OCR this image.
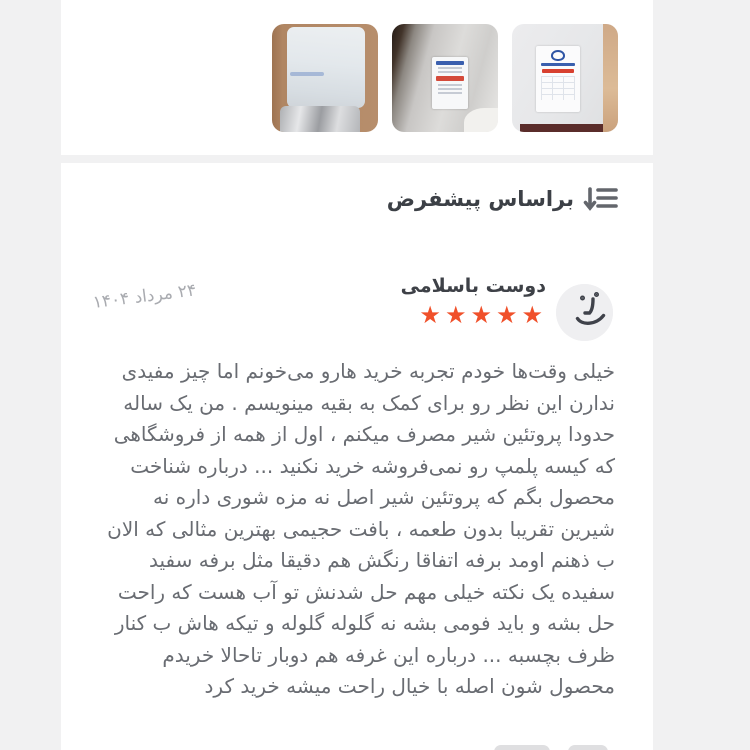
براساس پیشفرض
دوست باسلامی
★★★★★
۲۴ مرداد ۱۴۰۴

خیلی وقت‌ها خودم تجربه خرید هارو می‌خونم اما چیز مفیدی ندارن این نظر رو برای کمک به بقیه مینویسم . من یک ساله حدودا پروتئین شیر مصرف میکنم ، اول از همه از فروشگاهی که کیسه پلمپ رو نمی‌فروشه خرید نکنید ... درباره شناخت محصول بگم که پروتئین شیر اصل نه مزه شوری داره نه شیرین تقریبا بدون طعمه ، بافت حجیمی بهترین مثالی که الان ب ذهنم اومد برفه اتفاقا رنگش هم دقیقا مثل برفه سفید سفیده یک نکته خیلی مهم حل شدنش تو آب هست که راحت حل بشه و باید فومی بشه نه گلوله گلوله و تیکه هاش ب کنار ظرف بچسبه ... درباره این غرفه هم دوبار تاحالا خریدم محصول شون اصله با خیال راحت میشه خرید کرد
